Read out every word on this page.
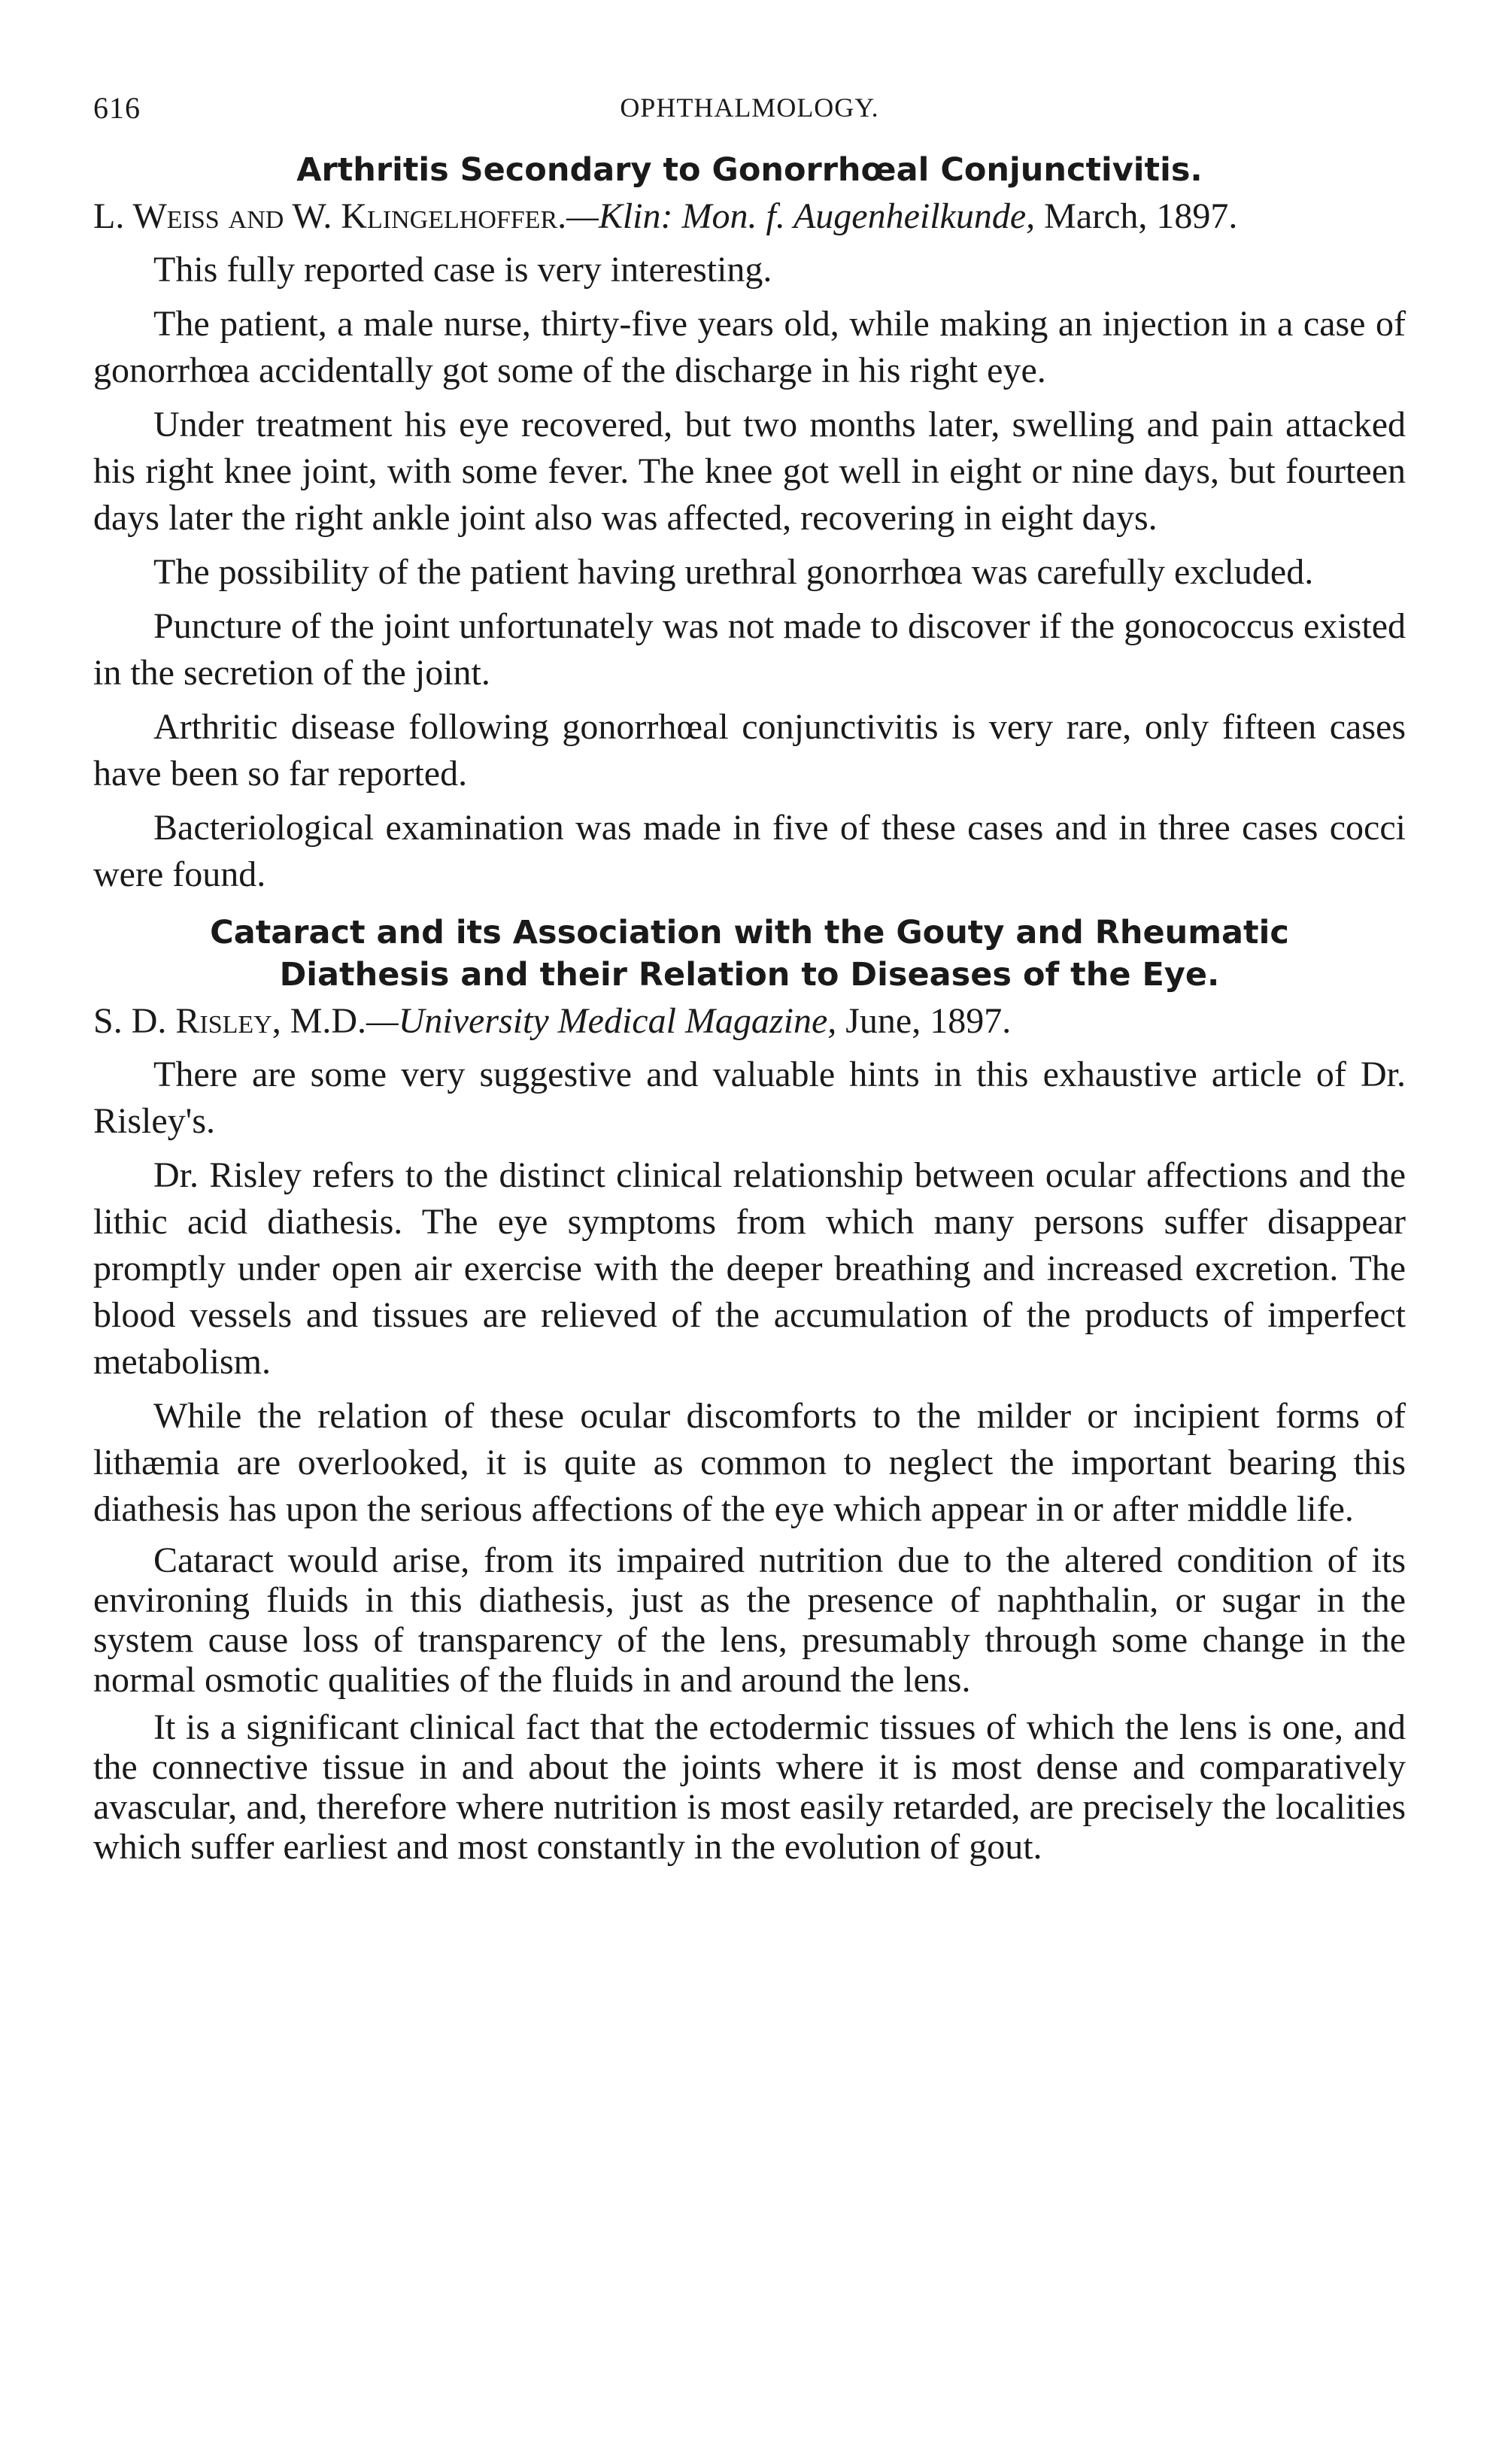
616	OPHTHALMOLOGY.
Arthritis Secondary to Gonorrhœal Conjunctivitis.

L. Weiss and W. Klingelhoffer.—Klin: Mon. f. Augenheilkunde, March, 1897.

This fully reported case is very interesting.

The patient, a male nurse, thirty-five years old, while making an injection in a case of gonorrhœa accidentally got some of the discharge in his right eye.

Under treatment his eye recovered, but two months later, swelling and pain attacked his right knee joint, with some fever. The knee got well in eight or nine days, but fourteen days later the right ankle joint also was affected, recovering in eight days.

The possibility of the patient having urethral gonorrhœa was carefully excluded.

Puncture of the joint unfortunately was not made to discover if the gonococcus existed in the secretion of the joint.

Arthritic disease following gonorrhœal conjunctivitis is very rare, only fifteen cases have been so far reported.

Bacteriological examination was made in five of these cases and in three cases cocci were found.

Cataract and its Association with the Gouty and Rheumatic
Diathesis and their Relation to Diseases of the Eye.

S. D. Risley, M.D.—University Medical Magazine, June, 1897.

There are some very suggestive and valuable hints in this exhaustive article of Dr. Risley's.

Dr. Risley refers to the distinct clinical relationship between ocular affections and the lithic acid diathesis. The eye symptoms from which many persons suffer disappear promptly under open air exercise with the deeper breathing and increased excretion. The blood vessels and tissues are relieved of the accumulation of the products of imperfect metabolism.

While the relation of these ocular discomforts to the milder or incipient forms of lithæmia are overlooked, it is quite as common to neglect the important bearing this diathesis has upon the serious affections of the eye which appear in or after middle life.

Cataract would arise, from its impaired nutrition due to the altered condition of its environing fluids in this diathesis, just as the presence of naphthalin, or sugar in the system cause loss of transparency of the lens, presumably through some change in the normal osmotic qualities of the fluids in and around the lens.

It is a significant clinical fact that the ectodermic tissues of which the lens is one, and the connective tissue in and about the joints where it is most dense and comparatively avascular, and, therefore where nutrition is most easily retarded, are precisely the localities which suffer earliest and most constantly in the evolution of gout.
